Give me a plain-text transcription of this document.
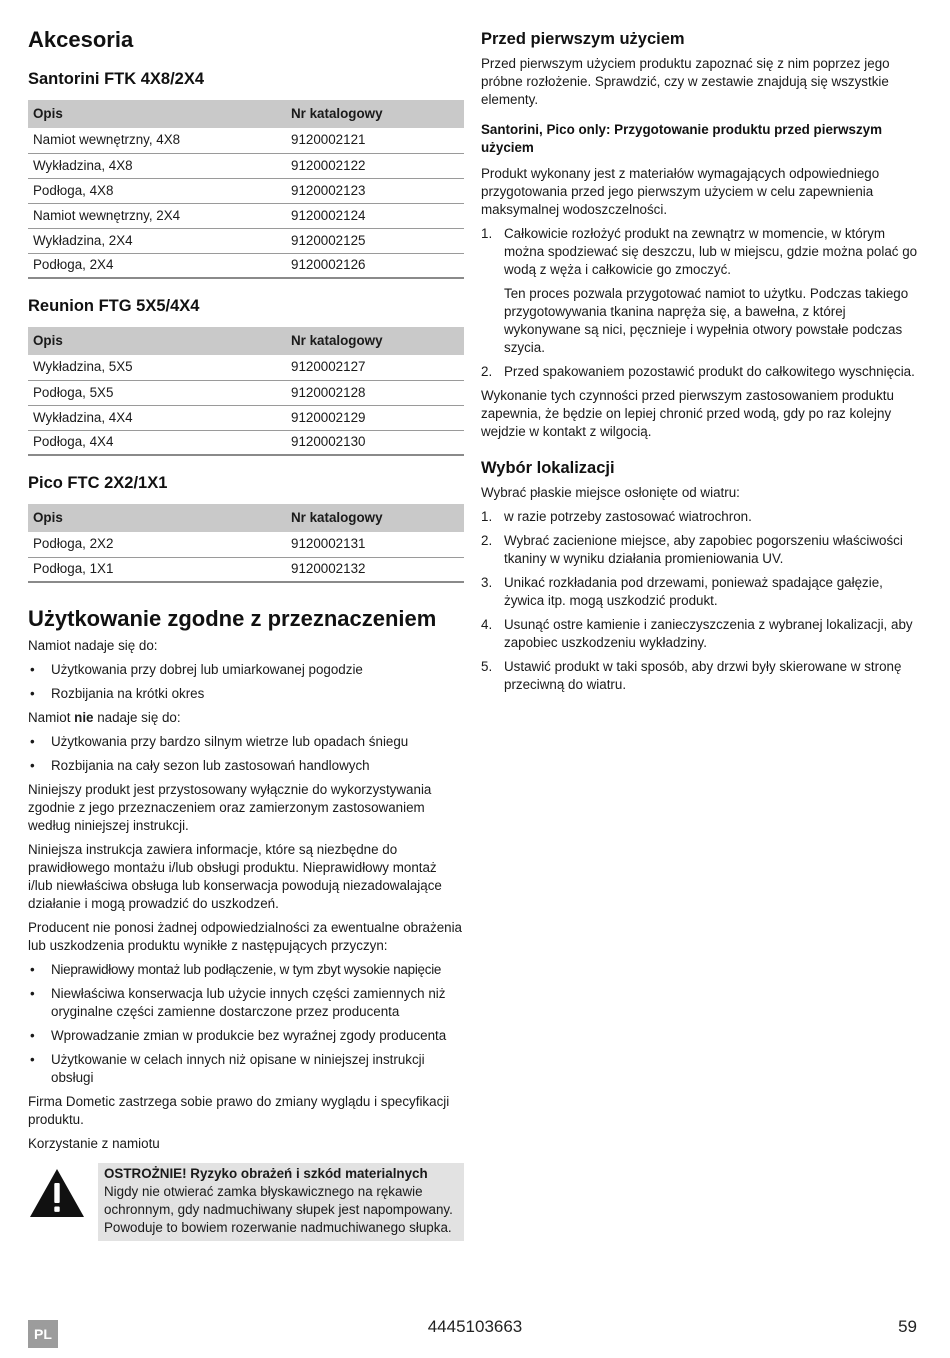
Akcesoria
Santorini FTK 4X8/2X4
Opis	Nr katalogowy
Namiot wewnętrzny, 4X8	9120002121
Wykładzina, 4X8	9120002122
Podłoga, 4X8	9120002123
Namiot wewnętrzny, 2X4	9120002124
Wykładzina, 2X4	9120002125
Podłoga, 2X4	9120002126
Reunion FTG 5X5/4X4
Opis	Nr katalogowy
Wykładzina, 5X5	9120002127
Podłoga, 5X5	9120002128
Wykładzina, 4X4	9120002129
Podłoga, 4X4	9120002130
Pico FTC 2X2/1X1
Opis	Nr katalogowy
Podłoga, 2X2	9120002131
Podłoga, 1X1	9120002132
Użytkowanie zgodne z przeznaczeniem

Namiot nadaje się do:

• Użytkowania przy dobrej lub umiarkowanej pogodzie
• Rozbijania na krótki okres

Namiot nie nadaje się do:

• Użytkowania przy bardzo silnym wietrze lub opadach śniegu
• Rozbijania na cały sezon lub zastosowań handlowych

Niniejszy produkt jest przystosowany wyłącznie do wykorzystywania zgodnie z jego przeznaczeniem oraz zamierzonym zastosowaniem według niniejszej instrukcji.

Niniejsza instrukcja zawiera informacje, które są niezbędne do prawidłowego montażu i/lub obsługi produktu. Nieprawidłowy montaż i/lub niewłaściwa obsługa lub konserwacja powodują niezadowalające działanie i mogą prowadzić do uszkodzeń.

Producent nie ponosi żadnej odpowiedzialności za ewentualne obrażenia lub uszkodzenia produktu wynikłe z następujących przyczyn:

• Nieprawidłowy montaż lub podłączenie, w tym zbyt wysokie napięcie
• Niewłaściwa konserwacja lub użycie innych części zamiennych niż oryginalne części zamienne dostarczone przez producenta
• Wprowadzanie zmian w produkcie bez wyraźnej zgody producenta
• Użytkowanie w celach innych niż opisane w niniejszej instrukcji obsługi

Firma Dometic zastrzega sobie prawo do zmiany wyglądu i specyfikacji produktu.

Korzystanie z namiotu

OSTROŻNIE! Ryzyko obrażeń i szkód materialnych
Nigdy nie otwierać zamka błyskawicznego na rękawie ochronnym, gdy nadmuchiwany słupek jest napompowany. Powoduje to bowiem rozerwanie nadmuchiwanego słupka.
Przed pierwszym użyciem

Przed pierwszym użyciem produktu zapoznać się z nim poprzez jego próbne rozłożenie. Sprawdzić, czy w zestawie znajdują się wszystkie elementy.

Santorini, Pico only: Przygotowanie produktu przed pierwszym użyciem

Produkt wykonany jest z materiałów wymagających odpowiedniego przygotowania przed jego pierwszym użyciem w celu zapewnienia maksymalnej wodoszczelności.

1. Całkowicie rozłożyć produkt na zewnątrz w momencie, w którym można spodziewać się deszczu, lub w miejscu, gdzie można polać go wodą z węża i całkowicie go zmoczyć.
Ten proces pozwala przygotować namiot to użytku. Podczas takiego przygotowywania tkanina napręża się, a bawełna, z której wykonywane są nici, pęcznieje i wypełnia otwory powstałe podczas szycia.
2. Przed spakowaniem pozostawić produkt do całkowitego wyschnięcia.

Wykonanie tych czynności przed pierwszym zastosowaniem produktu zapewnia, że będzie on lepiej chronić przed wodą, gdy po raz kolejny wejdzie w kontakt z wilgocią.

Wybór lokalizacji

Wybrać płaskie miejsce osłonięte od wiatru:

1. w razie potrzeby zastosować wiatrochron.
2. Wybrać zacienione miejsce, aby zapobiec pogorszeniu właściwości tkaniny w wyniku działania promieniowania UV.
3. Unikać rozkładania pod drzewami, ponieważ spadające gałęzie, żywica itp. mogą uszkodzić produkt.
4. Usunąć ostre kamienie i zanieczyszczenia z wybranej lokalizacji, aby zapobiec uszkodzeniu wykładziny.
5. Ustawić produkt w taki sposób, aby drzwi były skierowane w stronę przeciwną do wiatru.
PL	4445103663	59
